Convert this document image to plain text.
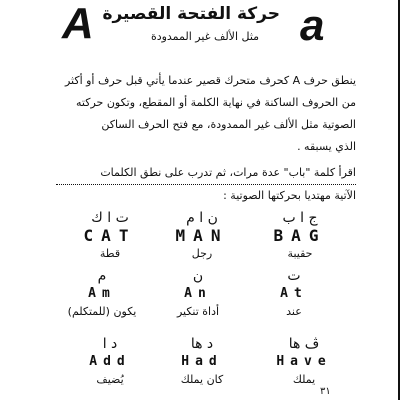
A	a
حركة الفتحة القصيرة
مثل الألف غير الممدودة

ينطق حرف A كحرف متحرك قصير عندما يأتي قبل حرف أو أكثر

من الحروف الساكنة في نهاية الكلمة أو المقطع، وتكون حركته

الصوتية مثل الألف غير الممدودة، مع فتح الحرف الساكن

الذي يسبقه .

اقرأ كلمة "باب" عدة مرات، ثم تدرب على نطق الكلمات
الآتية مهتديا بحركتها الصوتية :
ت ا ك
CAT
قطة
ن ا م
MAN
رجل
ج ا ب
BAG
حقيبة
م
Am
يكون (للمتكلم)
ن
An
أداة تنكير
ت
At
عند
د ا
Add
يُضيف
د ها
Had
كان يملك
ڤ ها
Have
يملك
٣١
